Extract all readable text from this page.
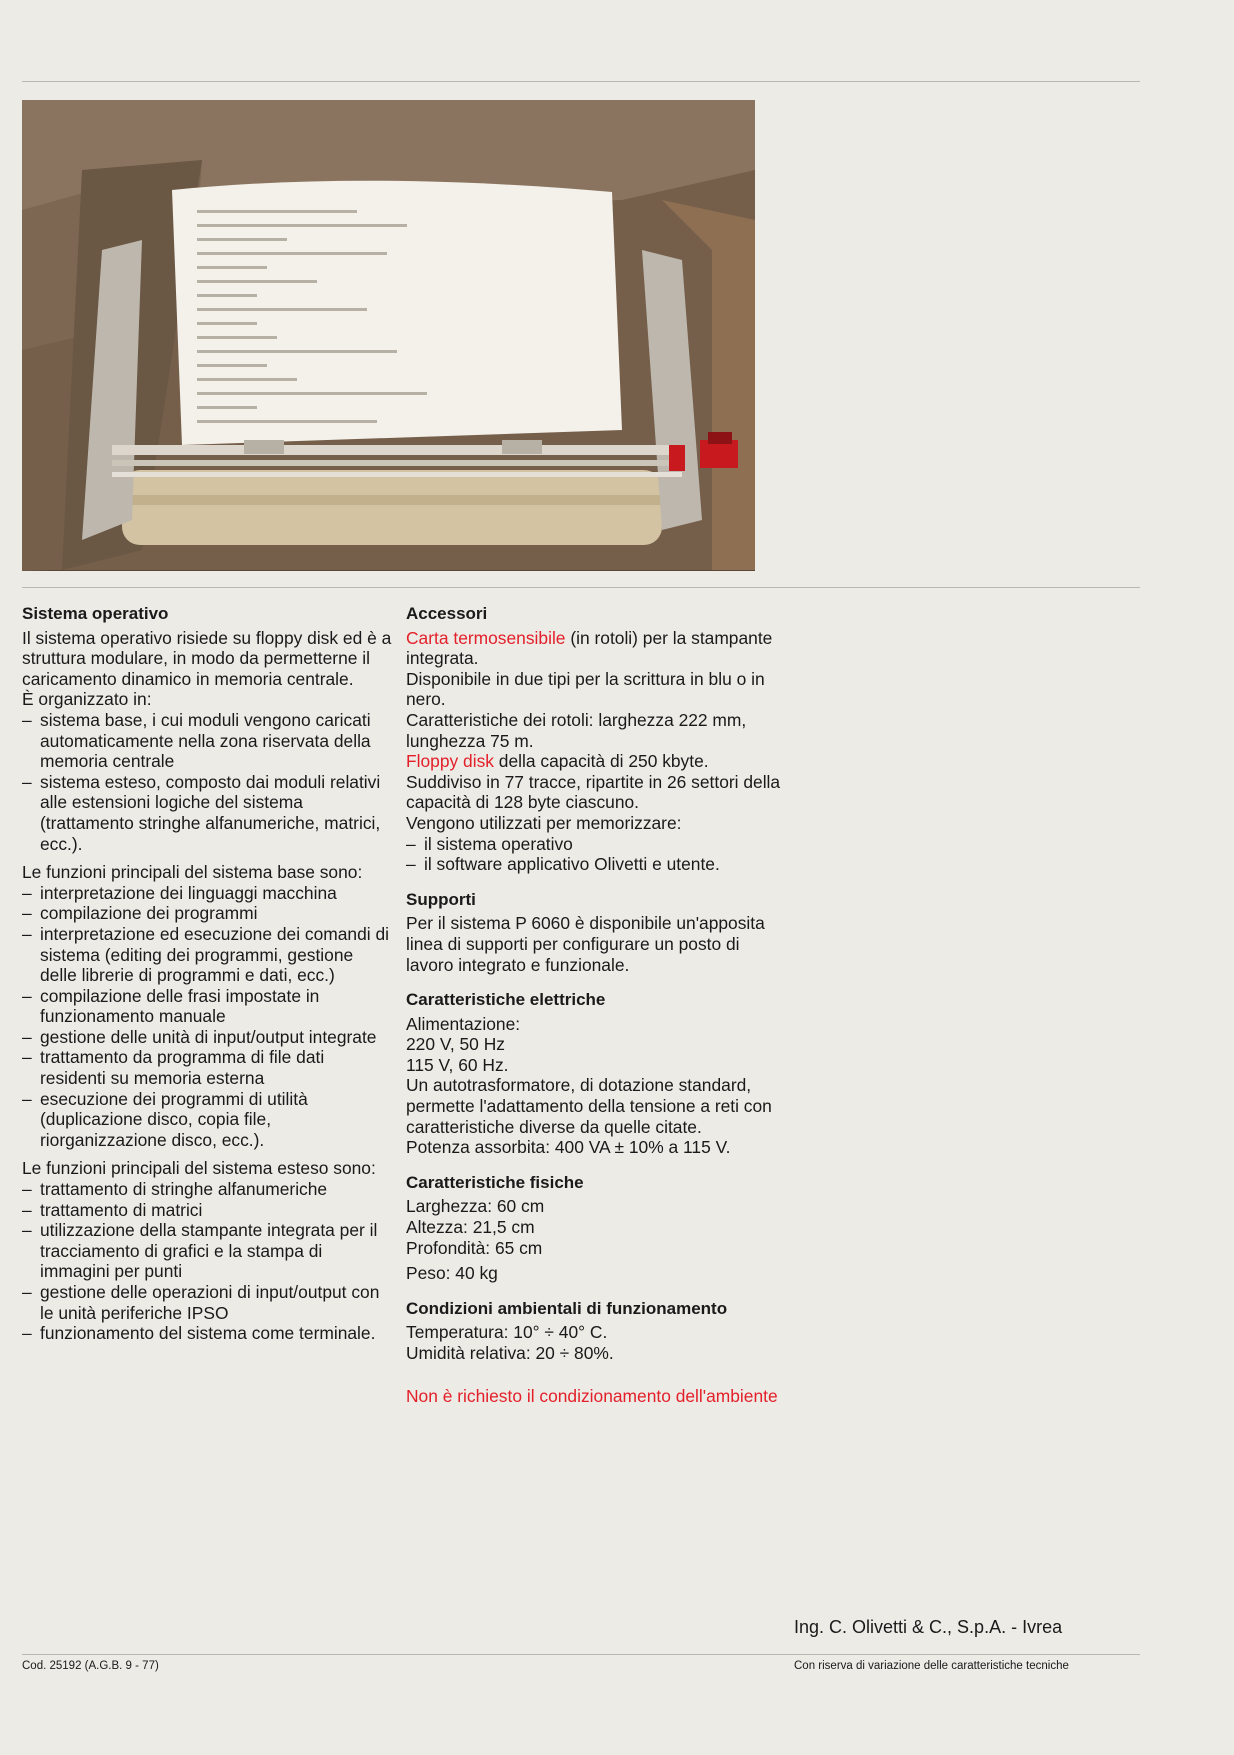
Sistema operativo

Il sistema operativo risiede su floppy disk ed è a struttura modulare, in modo da permetterne il caricamento dinamico in memoria centrale.

È organizzato in:

– sistema base, i cui moduli vengono caricati automaticamente nella zona riservata della memoria centrale
– sistema esteso, composto dai moduli relativi alle estensioni logiche del sistema (trattamento stringhe alfanumeriche, matrici, ecc.).

Le funzioni principali del sistema base sono:

– interpretazione dei linguaggi macchina
– compilazione dei programmi
– interpretazione ed esecuzione dei comandi di sistema (editing dei programmi, gestione delle librerie di programmi e dati, ecc.)
– compilazione delle frasi impostate in funzionamento manuale
– gestione delle unità di input/output integrate
– trattamento da programma di file dati residenti su memoria esterna
– esecuzione dei programmi di utilità (duplicazione disco, copia file, riorganizzazione disco, ecc.).

Le funzioni principali del sistema esteso sono:

– trattamento di stringhe alfanumeriche
– trattamento di matrici
– utilizzazione della stampante integrata per il tracciamento di grafici e la stampa di immagini per punti
– gestione delle operazioni di input/output con le unità periferiche IPSO
– funzionamento del sistema come terminale.
Accessori

Carta termosensibile (in rotoli) per la stampante integrata.

Disponibile in due tipi per la scrittura in blu o in nero.

Caratteristiche dei rotoli: larghezza 222 mm, lunghezza 75 m.

Floppy disk della capacità di 250 kbyte.

Suddiviso in 77 tracce, ripartite in 26 settori della capacità di 128 byte ciascuno.

Vengono utilizzati per memorizzare:

– il sistema operativo
– il software applicativo Olivetti e utente.
Supporti

Per il sistema P 6060 è disponibile un'apposita linea di supporti per configurare un posto di lavoro integrato e funzionale.

Caratteristiche elettriche

Alimentazione:

220 V, 50 Hz

115 V, 60 Hz.

Un autotrasformatore, di dotazione standard, permette l'adattamento della tensione a reti con caratteristiche diverse da quelle citate.

Potenza assorbita: 400 VA ± 10% a 115 V.

Caratteristiche fisiche

Larghezza: 60 cm

Altezza: 21,5 cm

Profondità: 65 cm

Peso: 40 kg

Condizioni ambientali di funzionamento

Temperatura: 10° ÷ 40° C.

Umidità relativa: 20 ÷ 80%.

Non è richiesto il condizionamento dell'ambiente

Ing. C. Olivetti & C., S.p.A. - Ivrea
Cod. 25192 (A.G.B. 9 - 77)	Con riserva di variazione delle caratteristiche tecniche
